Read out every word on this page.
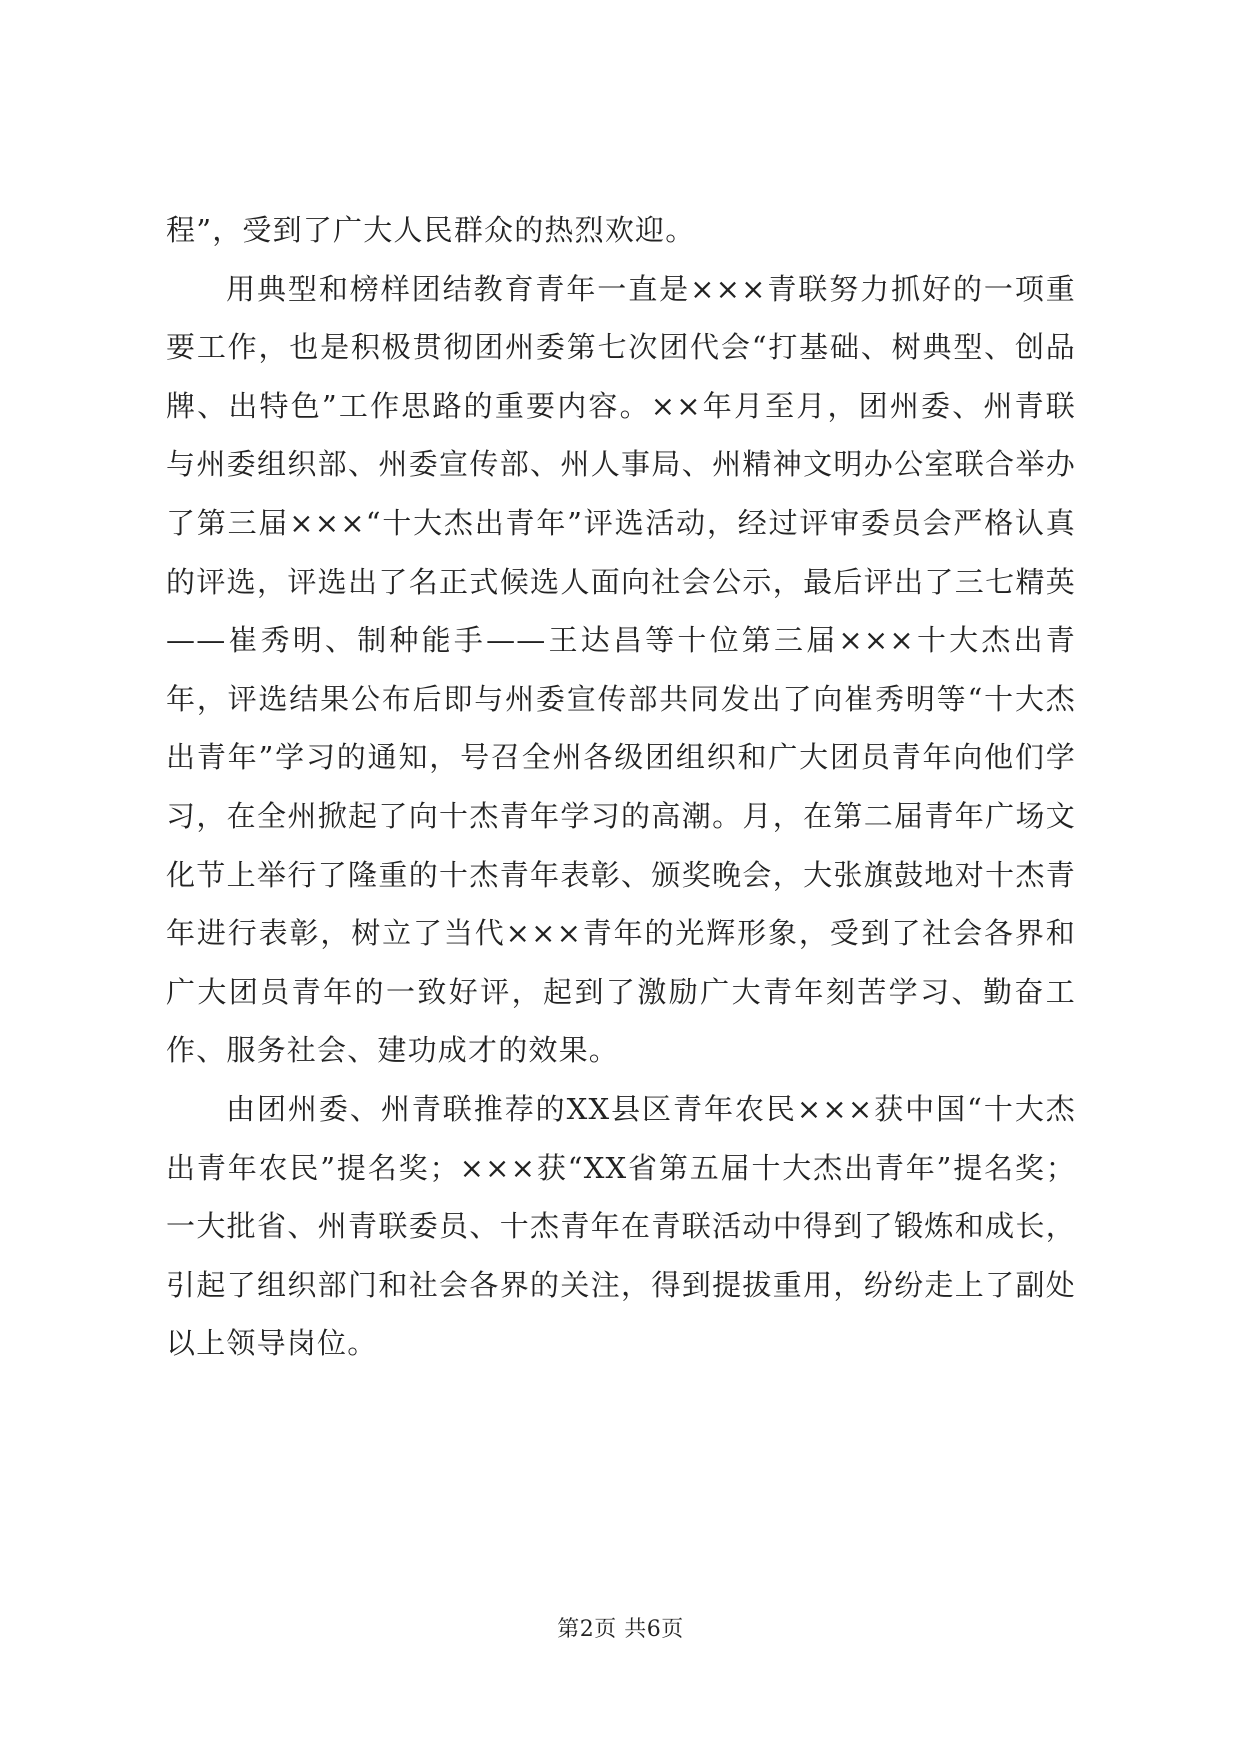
程”，受到了广大人民群众的热烈欢迎。

用典型和榜样团结教育青年一直是×××青联努力抓好的一项重要工作，也是积极贯彻团州委第七次团代会“打基础、树典型、创品牌、出特色”工作思路的重要内容。××年月至月，团州委、州青联与州委组织部、州委宣传部、州人事局、州精神文明办公室联合举办了第三届×××“十大杰出青年”评选活动，经过评审委员会严格认真的评选，评选出了名正式候选人面向社会公示，最后评出了三七精英——崔秀明、制种能手——王达昌等十位第三届×××十大杰出青年，评选结果公布后即与州委宣传部共同发出了向崔秀明等“十大杰出青年”学习的通知，号召全州各级团组织和广大团员青年向他们学习，在全州掀起了向十杰青年学习的高潮。月，在第二届青年广场文化节上举行了隆重的十杰青年表彰、颁奖晚会，大张旗鼓地对十杰青年进行表彰，树立了当代×××青年的光辉形象，受到了社会各界和广大团员青年的一致好评，起到了激励广大青年刻苦学习、勤奋工作、服务社会、建功成才的效果。

由团州委、州青联推荐的XX县区青年农民×××获中国“十大杰出青年农民”提名奖；×××获“XX省第五届十大杰出青年”提名奖；一大批省、州青联委员、十杰青年在青联活动中得到了锻炼和成长，引起了组织部门和社会各界的关注，得到提拔重用，纷纷走上了副处以上领导岗位。

第2页 共6页
